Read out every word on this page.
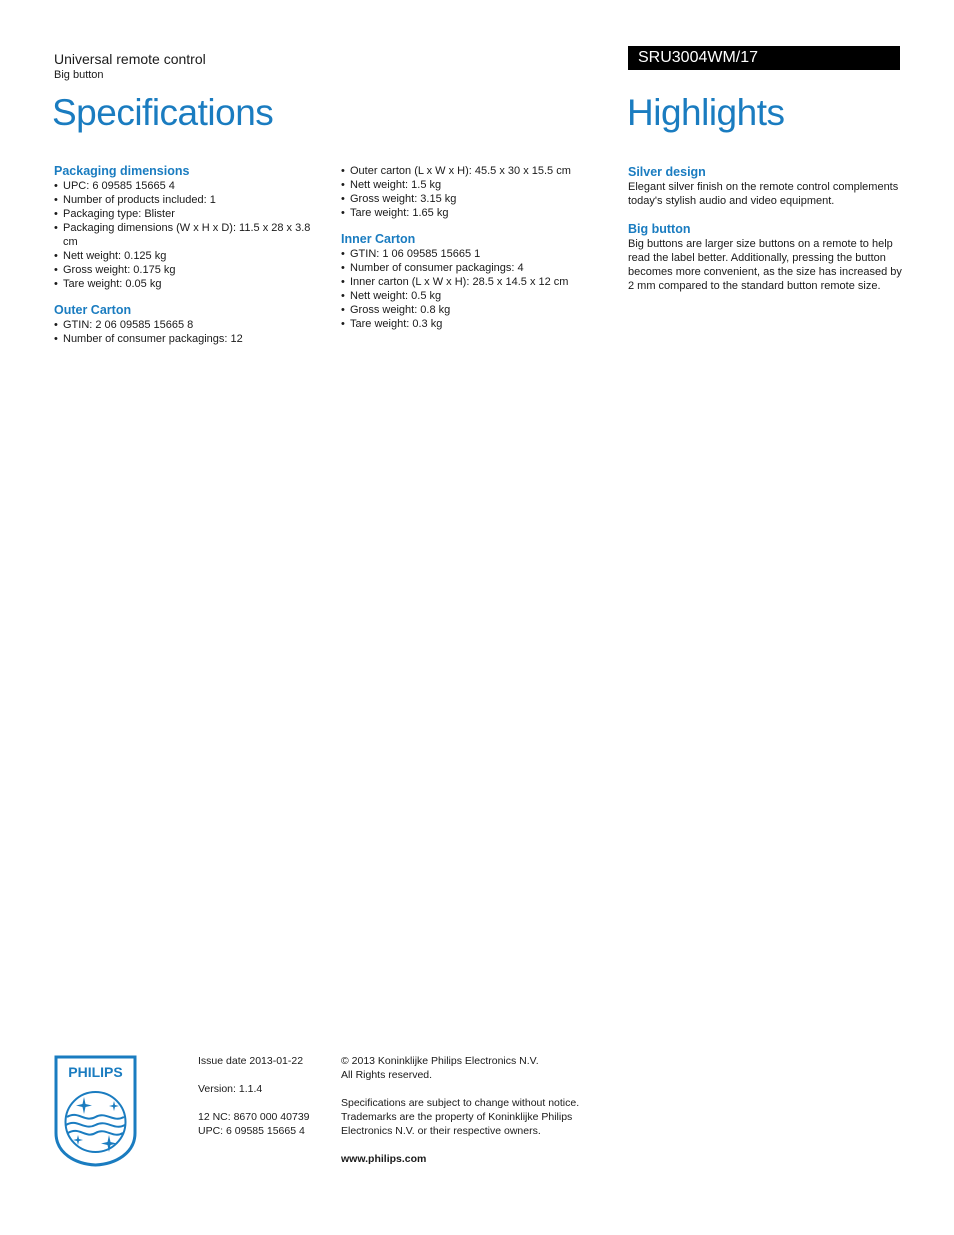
Universal remote control
Big button
SRU3004WM/17
Specifications	Highlights
Packaging dimensions
• UPC: 6 09585 15665 4
• Number of products included: 1
• Packaging type: Blister
• Packaging dimensions (W x H x D): 11.5 x 28 x 3.8 cm
• Nett weight: 0.125 kg
• Gross weight: 0.175 kg
• Tare weight: 0.05 kg
Outer Carton
• GTIN: 2 06 09585 15665 8
• Number of consumer packagings: 12
• Outer carton (L x W x H): 45.5 x 30 x 15.5 cm
• Nett weight: 1.5 kg
• Gross weight: 3.15 kg
• Tare weight: 1.65 kg
Inner Carton
• GTIN: 1 06 09585 15665 1
• Number of consumer packagings: 4
• Inner carton (L x W x H): 28.5 x 14.5 x 12 cm
• Nett weight: 0.5 kg
• Gross weight: 0.8 kg
• Tare weight: 0.3 kg
Silver design

Elegant silver finish on the remote control complements today's stylish audio and video equipment.

Big button

Big buttons are larger size buttons on a remote to help read the label better. Additionally, pressing the button becomes more convenient, as the size has increased by 2 mm compared to the standard button remote size.

PHILIPS
Issue date 2013-01-22
Version: 1.1.4
12 NC: 8670 000 40739
UPC: 6 09585 15665 4
© 2013 Koninklijke Philips Electronics N.V.
All Rights reserved.
Specifications are subject to change without notice. Trademarks are the property of Koninklijke Philips Electronics N.V. or their respective owners.
www.philips.com
